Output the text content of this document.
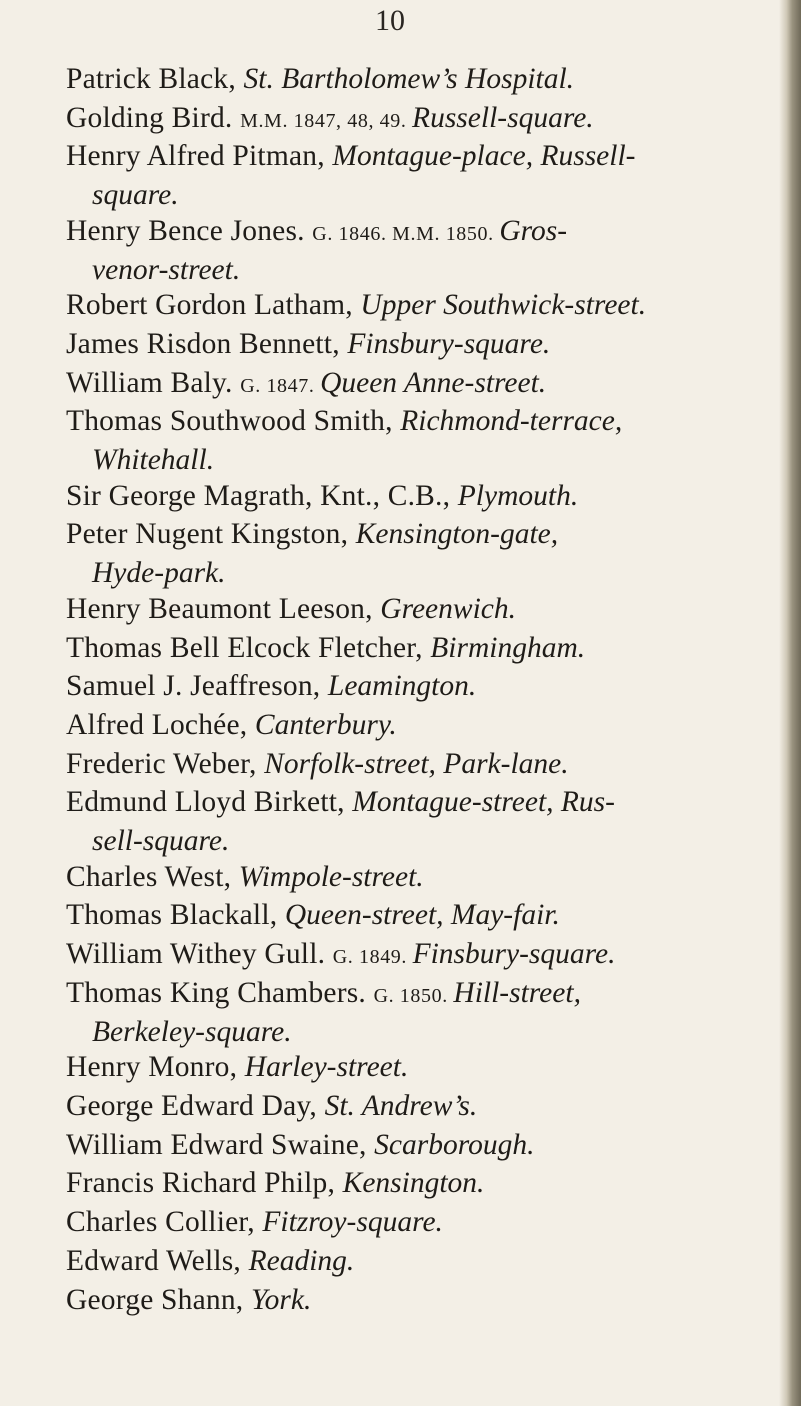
10
Patrick Black, St. Bartholomew’s Hospital.
Golding Bird. M.M. 1847, 48, 49. Russell-square.
Henry Alfred Pitman, Montague-place, Russell-
square.
Henry Bence Jones. G. 1846. M.M. 1850. Gros-
venor-street.
Robert Gordon Latham, Upper Southwick-street.
James Risdon Bennett, Finsbury-square.
William Baly. G. 1847. Queen Anne-street.
Thomas Southwood Smith, Richmond-terrace,
Whitehall.
Sir George Magrath, Knt., C.B., Plymouth.
Peter Nugent Kingston, Kensington-gate,
Hyde-park.
Henry Beaumont Leeson, Greenwich.
Thomas Bell Elcock Fletcher, Birmingham.
Samuel J. Jeaffreson, Leamington.
Alfred Lochée, Canterbury.
Frederic Weber, Norfolk-street, Park-lane.
Edmund Lloyd Birkett, Montague-street, Rus-
sell-square.
Charles West, Wimpole-street.
Thomas Blackall, Queen-street, May-fair.
William Withey Gull. G. 1849. Finsbury-square.
Thomas King Chambers. G. 1850. Hill-street,
Berkeley-square.
Henry Monro, Harley-street.
George Edward Day, St. Andrew’s.
William Edward Swaine, Scarborough.
Francis Richard Philp, Kensington.
Charles Collier, Fitzroy-square.
Edward Wells, Reading.
George Shann, York.
